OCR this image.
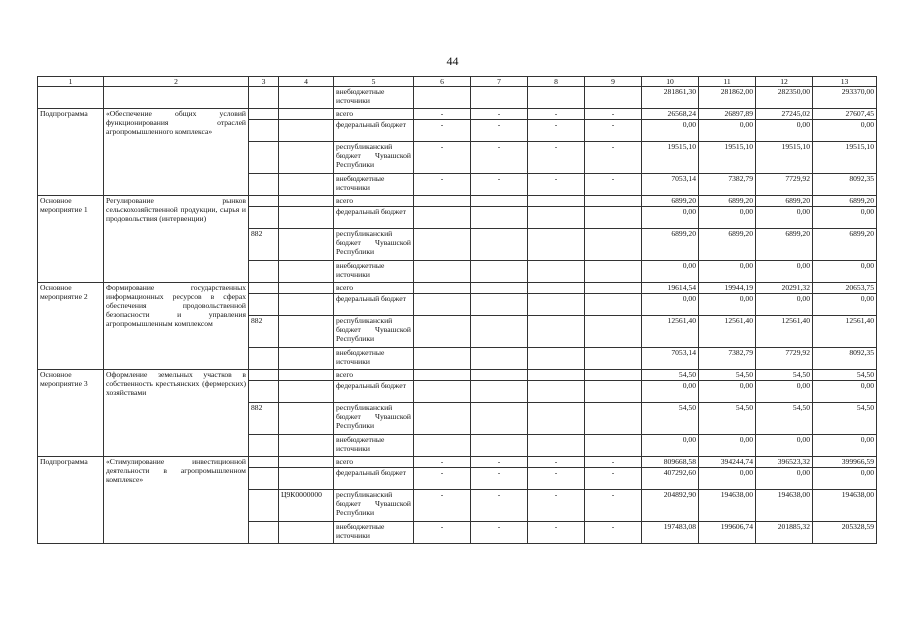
44
1	2	3	4	5	6	7	8	9	10	11	12	13
				внебюджетные источники					281861,30	281862,00	282350,00	293370,00
Подпрограмма	«Обеспечение общих условий функционирования отраслей агропромышленного комплекса»			всего	-	-	-	-	26568,24	26897,89	27245,02	27607,45
				федеральный бюджет	-	-	-	-	0,00	0,00	0,00	0,00
				республиканский бюджет Чувашской Республики	-	-	-	-	19515,10	19515,10	19515,10	19515,10
				внебюджетные источники	-	-	-	-	7053,14	7382,79	7729,92	8092,35
Основное мероприятие 1	Регулирование рынков сельскохозяйственной продукции, сырья и продовольствия (интервенции)			всего					6899,20	6899,20	6899,20	6899,20
				федеральный бюджет					0,00	0,00	0,00	0,00
		882		республиканский бюджет Чувашской Республики					6899,20	6899,20	6899,20	6899,20
				внебюджетные источники					0,00	0,00	0,00	0,00
Основное мероприятие 2	Формирование государственных информационных ресурсов в сферах обеспечения продовольственной безопасности и управления агропромышленным комплексом			всего					19614,54	19944,19	20291,32	20653,75
				федеральный бюджет					0,00	0,00	0,00	0,00
		882		республиканский бюджет Чувашской Республики					12561,40	12561,40	12561,40	12561,40
				внебюджетные источники					7053,14	7382,79	7729,92	8092,35
Основное мероприятие 3	Оформление земельных участков в собственность крестьянских (фермерских) хозяйствами			всего					54,50	54,50	54,50	54,50
				федеральный бюджет					0,00	0,00	0,00	0,00
		882		республиканский бюджет Чувашской Республики					54,50	54,50	54,50	54,50
				внебюджетные источники					0,00	0,00	0,00	0,00
Подпрограмма	«Стимулирование инвестиционной деятельности в агропромышленном комплексе»			всего	-	-	-	-	809668,58	394244,74	396523,32	399966,59
				федеральный бюджет	-	-	-	-	407292,60	0,00	0,00	0,00
			Ц9К0000000	республиканский бюджет Чувашской Республики	-	-	-	-	204892,90	194638,00	194638,00	194638,00
				внебюджетные источники	-	-	-	-	197483,08	199606,74	201885,32	205328,59
